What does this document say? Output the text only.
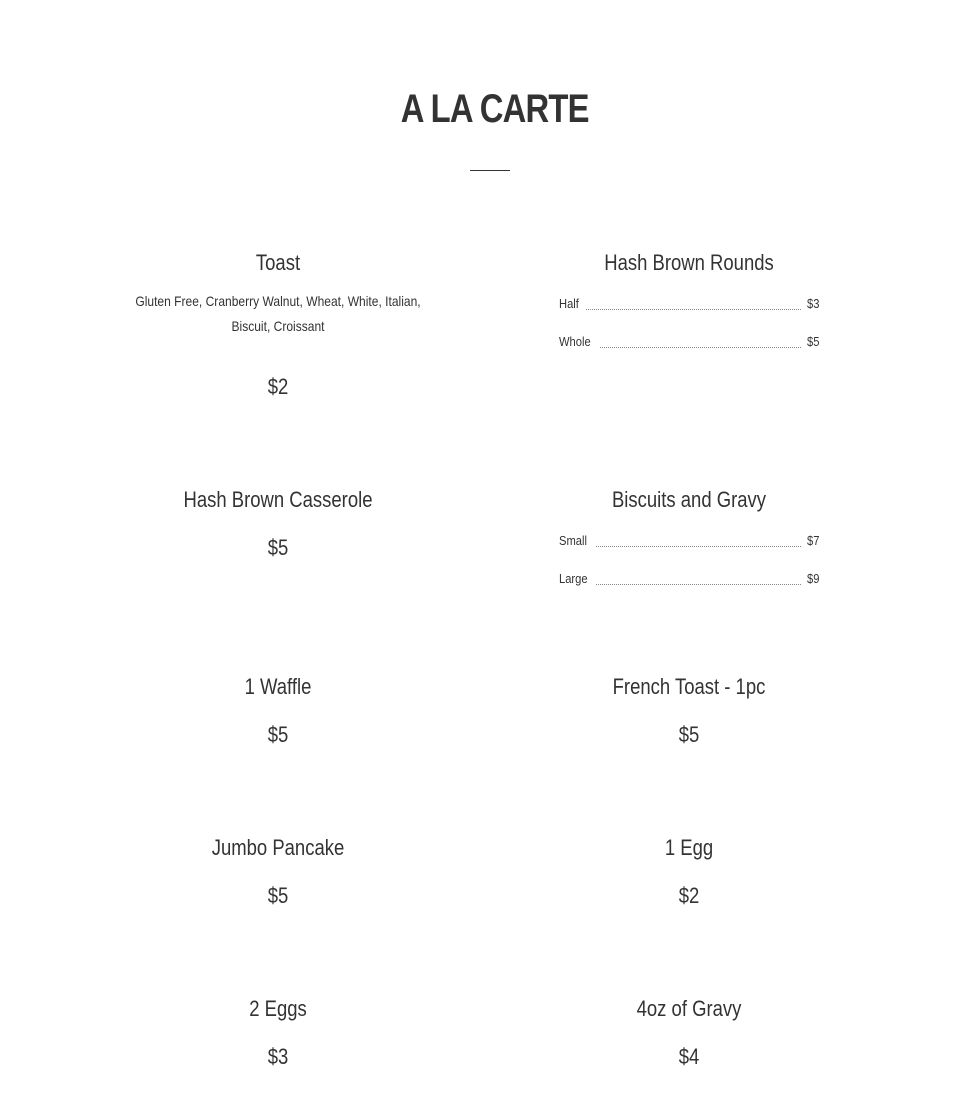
A LA CARTE
Toast
Gluten Free, Cranberry Walnut, Wheat, White, Italian, Biscuit, Croissant
$2
Hash Brown Rounds
Half	$3
Whole	$5
Hash Brown Casserole
$5
Biscuits and Gravy
Small	$7
Large	$9
1 Waffle
$5
French Toast - 1pc
$5
Jumbo Pancake
$5
1 Egg
$2
2 Eggs
$3
4oz of Gravy
$4
